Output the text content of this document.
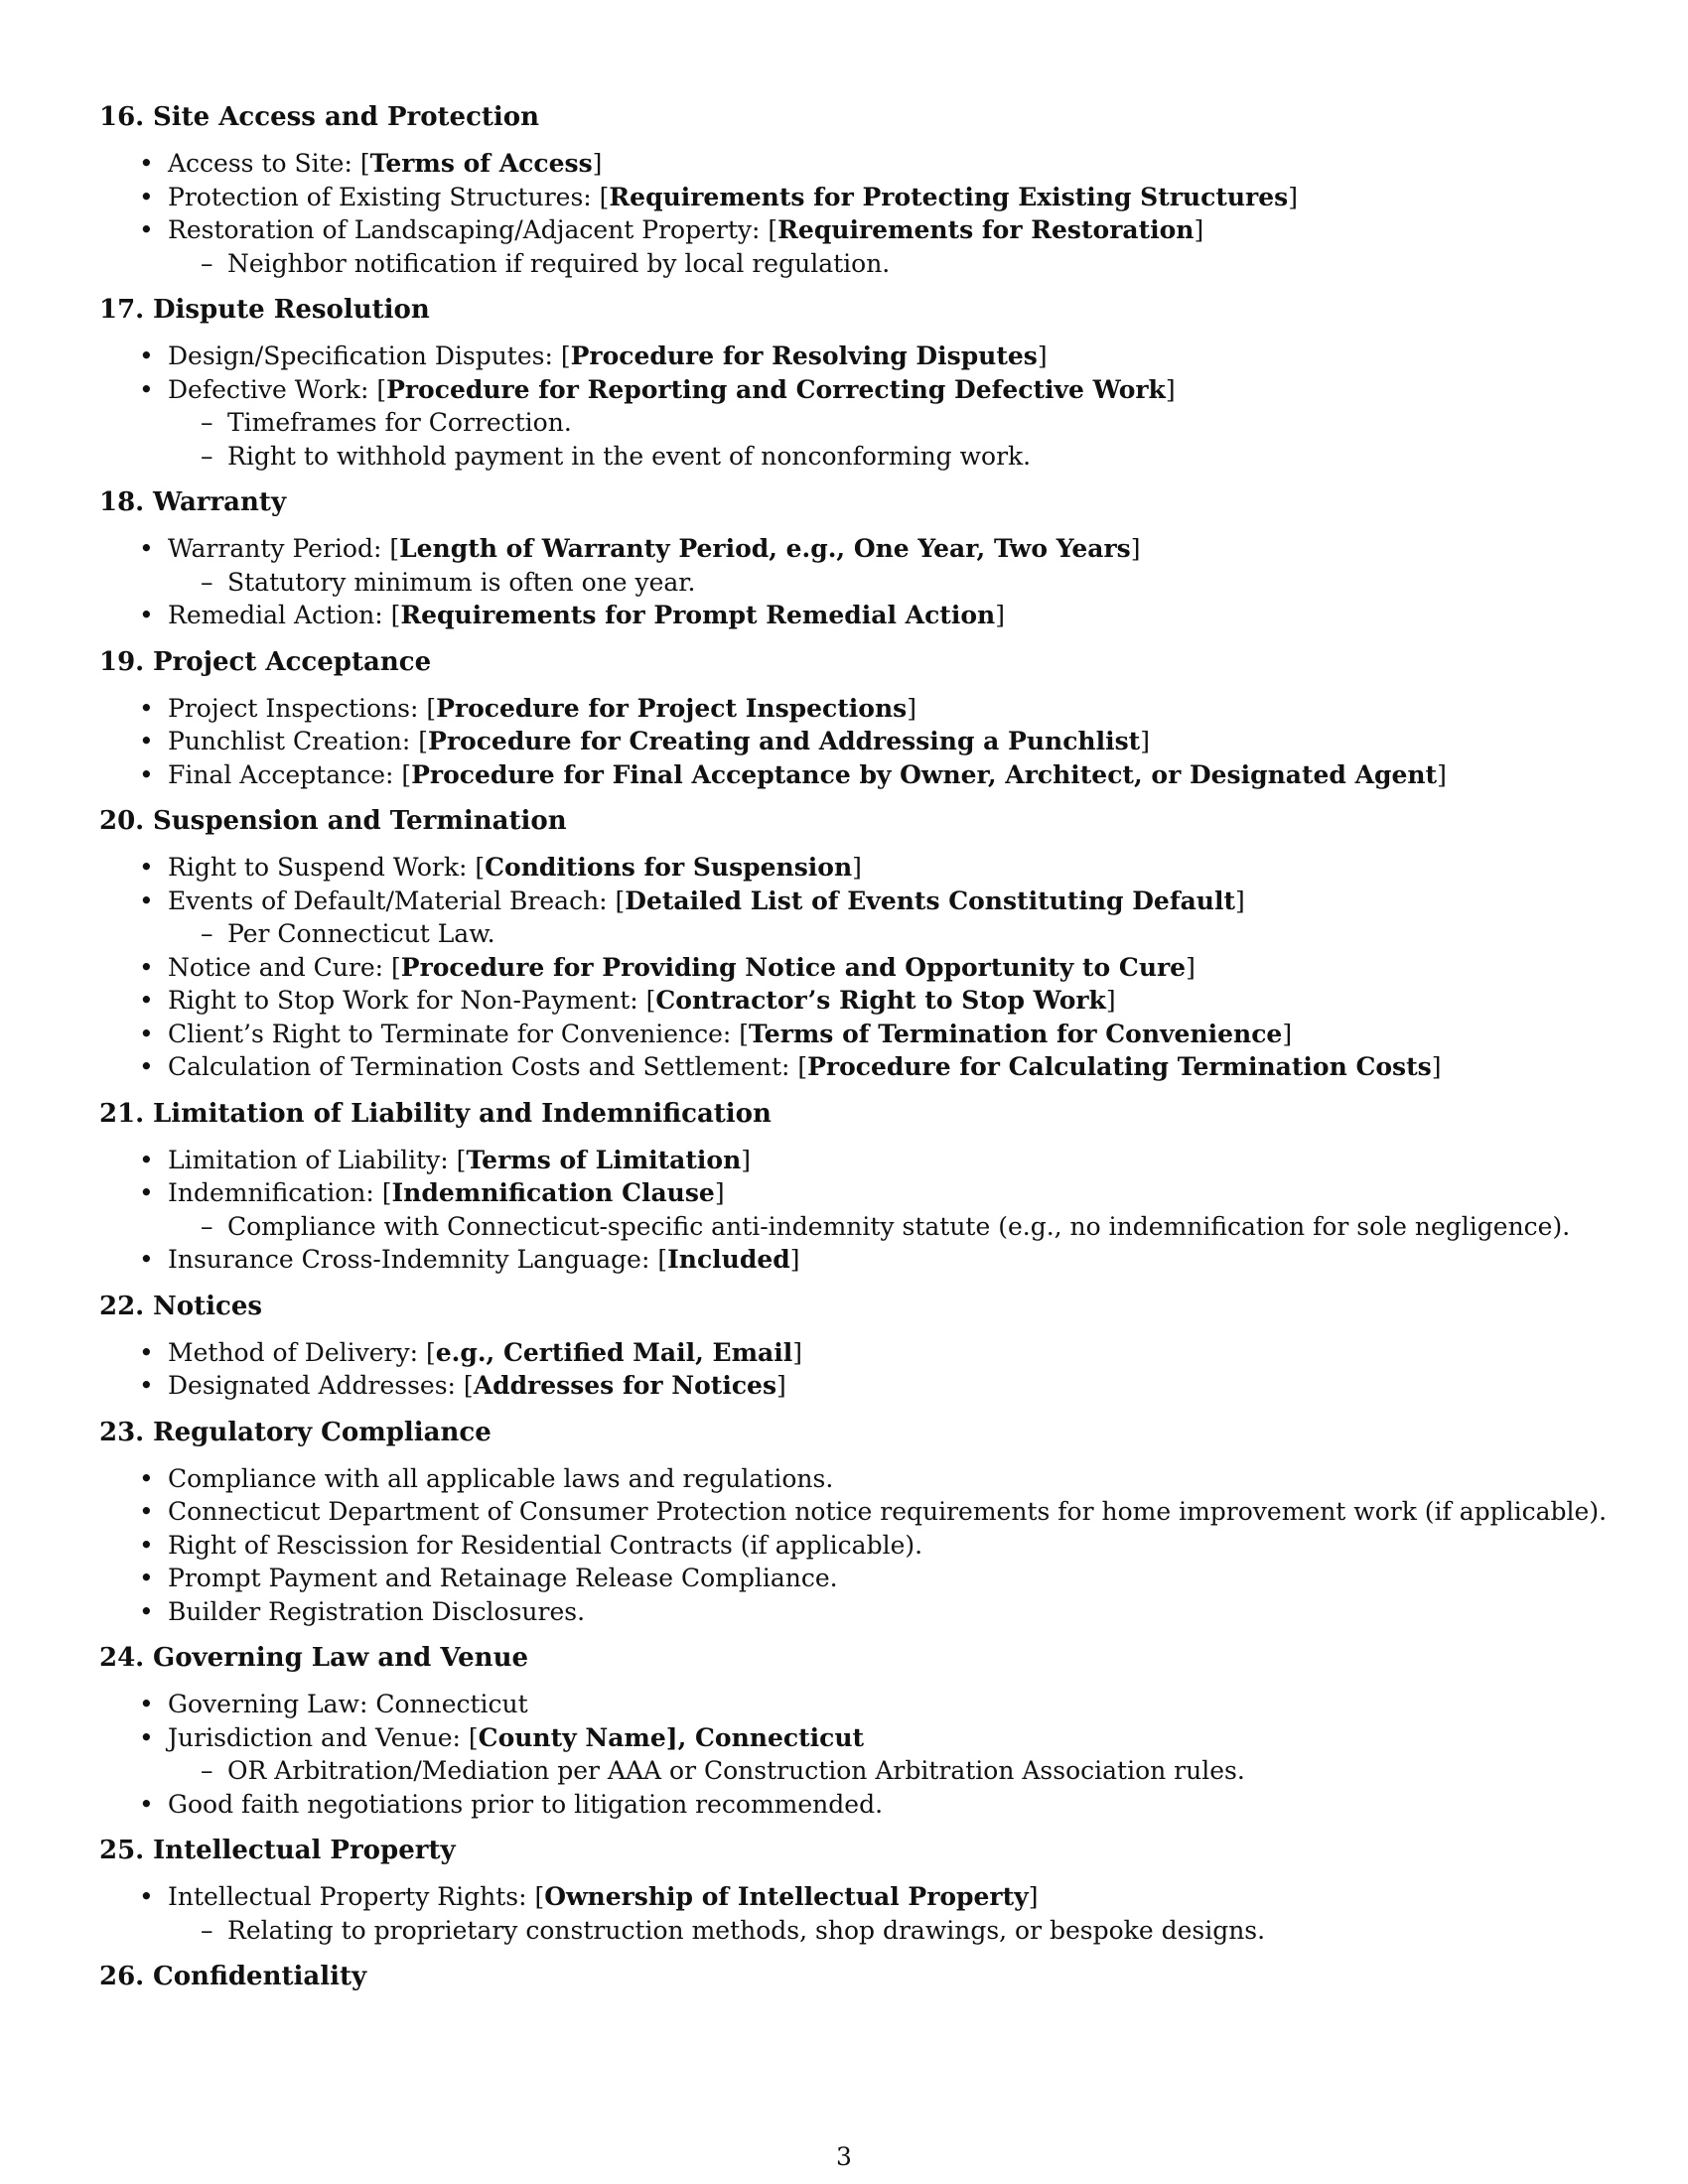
16. Site Access and Protection
• Access to Site: [Terms of Access]
• Protection of Existing Structures: [Requirements for Protecting Existing Structures]
• Restoration of Landscaping/Adjacent Property: [Requirements for Restoration]
– Neighbor notification if required by local regulation.
17. Dispute Resolution
• Design/Specification Disputes: [Procedure for Resolving Disputes]
• Defective Work: [Procedure for Reporting and Correcting Defective Work]
– Timeframes for Correction.
– Right to withhold payment in the event of nonconforming work.
18. Warranty
• Warranty Period: [Length of Warranty Period, e.g., One Year, Two Years]
– Statutory minimum is often one year.
• Remedial Action: [Requirements for Prompt Remedial Action]
19. Project Acceptance
• Project Inspections: [Procedure for Project Inspections]
• Punchlist Creation: [Procedure for Creating and Addressing a Punchlist]
• Final Acceptance: [Procedure for Final Acceptance by Owner, Architect, or Designated Agent]
20. Suspension and Termination
• Right to Suspend Work: [Conditions for Suspension]
• Events of Default/Material Breach: [Detailed List of Events Constituting Default]
– Per Connecticut Law.
• Notice and Cure: [Procedure for Providing Notice and Opportunity to Cure]
• Right to Stop Work for Non-Payment: [Contractor’s Right to Stop Work]
• Client’s Right to Terminate for Convenience: [Terms of Termination for Convenience]
• Calculation of Termination Costs and Settlement: [Procedure for Calculating Termination Costs]
21. Limitation of Liability and Indemnification
• Limitation of Liability: [Terms of Limitation]
• Indemnification: [Indemnification Clause]
– Compliance with Connecticut-specific anti-indemnity statute (e.g., no indemnification for sole negligence).
• Insurance Cross-Indemnity Language: [Included]
22. Notices
• Method of Delivery: [e.g., Certified Mail, Email]
• Designated Addresses: [Addresses for Notices]
23. Regulatory Compliance
• Compliance with all applicable laws and regulations.
• Connecticut Department of Consumer Protection notice requirements for home improvement work (if applicable).
• Right of Rescission for Residential Contracts (if applicable).
• Prompt Payment and Retainage Release Compliance.
• Builder Registration Disclosures.
24. Governing Law and Venue
• Governing Law: Connecticut
• Jurisdiction and Venue: [County Name], Connecticut
– OR Arbitration/Mediation per AAA or Construction Arbitration Association rules.
• Good faith negotiations prior to litigation recommended.
25. Intellectual Property
• Intellectual Property Rights: [Ownership of Intellectual Property]
– Relating to proprietary construction methods, shop drawings, or bespoke designs.
26. Confidentiality
3
